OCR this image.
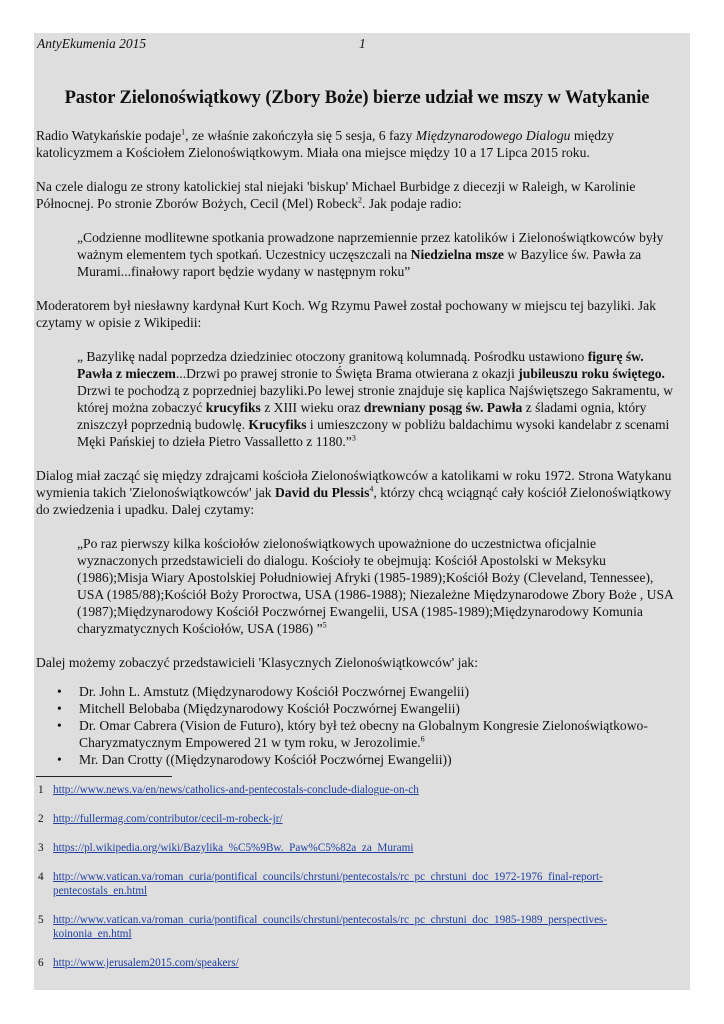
AntyEkumenia 2015	1
Pastor Zielonoświątkowy (Zbory Boże) bierze udział we mszy w Watykanie

Radio Watykańskie podaje$^1$, ze właśnie zakończyła się 5 sesja, 6 fazy Międzynarodowego Dialogu między katolicyzmem a Kościołem Zielonoświątkowym. Miała ona miejsce między 10 a 17 Lipca 2015 roku.

Na czele dialogu ze strony katolickiej stal niejaki 'biskup' Michael Burbidge z diecezji w Raleigh, w Karolinie Północnej. Po stronie Zborów Bożych, Cecil (Mel) Robeck$^2$. Jak podaje radio:

„Codzienne modlitewne spotkania prowadzone naprzemiennie przez katolików i Zielonoświątkowców były ważnym elementem tych spotkań. Uczestnicy uczęszczali na Niedzielna msze w Bazylice św. Pawła za Murami...finałowy raport będzie wydany w następnym roku”

Moderatorem był niesławny kardynał Kurt Koch. Wg Rzymu Paweł został pochowany w miejscu tej bazyliki. Jak czytamy w opisie z Wikipedii:

„ Bazylikę nadal poprzedza dziedziniec otoczony granitową kolumnadą. Pośrodku ustawiono figurę św. Pawła z mieczem...Drzwi po prawej stronie to Święta Brama otwierana z okazji jubileuszu roku świętego. Drzwi te pochodzą z poprzedniej bazyliki.Po lewej stronie znajduje się kaplica Najświętszego Sakramentu, w której można zobaczyć krucyfiks z XIII wieku oraz drewniany posąg św. Pawła z śladami ognia, który zniszczył poprzednią budowlę. Krucyfiks i umieszczony w pobliżu baldachimu wysoki kandelabr z scenami Męki Pańskiej to dzieła Pietro Vassalletto z 1180.”$^3$

Dialog miał zacząć się między zdrajcami kościoła Zielonoświątkowców a katolikami w roku 1972. Strona Watykanu wymienia takich 'Zielonoświątkowców' jak David du Plessis$^4$, którzy chcą wciągnąć cały kościół Zielonoświątkowy do zwiedzenia i upadku. Dalej czytamy:

„Po raz pierwszy kilka kościołów zielonoświątkowych upoważnione do uczestnictwa oficjalnie wyznaczonych przedstawicieli do dialogu. Kościoły te obejmują: Kościół Apostolski w Meksyku (1986);Misja Wiary Apostolskiej Południowiej Afryki (1985-1989);Kościół Boży (Cleveland, Tennessee), USA (1985/88);Kościół Boży Proroctwa, USA (1986-1988); Niezależne Międzynarodowe Zbory Boże , USA (1987);Międzynarodowy Kościół Poczwórnej Ewangelii, USA (1985-1989);Międzynarodowy Komunia charyzmatycznych Kościołów, USA (1986) ”$^5$

Dalej możemy zobaczyć przedstawicieli 'Klasycznych Zielonoświątkowców' jak:

• Dr. John L. Amstutz (Międzynarodowy Kościół Poczwórnej Ewangelii)
• Mitchell Belobaba (Międzynarodowy Kościół Poczwórnej Ewangelii)
• Dr. Omar Cabrera (Vision de Futuro), który był też obecny na Globalnym Kongresie Zielonoświątkowo-Charyzmatycznym Empowered 21 w tym roku, w Jerozolimie.$^6$
• Mr. Dan Crotty ((Międzynarodowy Kościół Poczwórnej Ewangelii))
1 http://www.news.va/en/news/catholics-and-pentecostals-conclude-dialogue-on-ch
2 http://fullermag.com/contributor/cecil-m-robeck-jr/
3 https://pl.wikipedia.org/wiki/Bazylika_%C5%9Bw._Paw%C5%82a_za_Murami
4 http://www.vatican.va/roman_curia/pontifical_councils/chrstuni/pentecostals/rc_pc_chrstuni_doc_1972-1976_final-report-pentecostals_en.html
5 http://www.vatican.va/roman_curia/pontifical_councils/chrstuni/pentecostals/rc_pc_chrstuni_doc_1985-1989_perspectives-koinonia_en.html
6 http://www.jerusalem2015.com/speakers/
